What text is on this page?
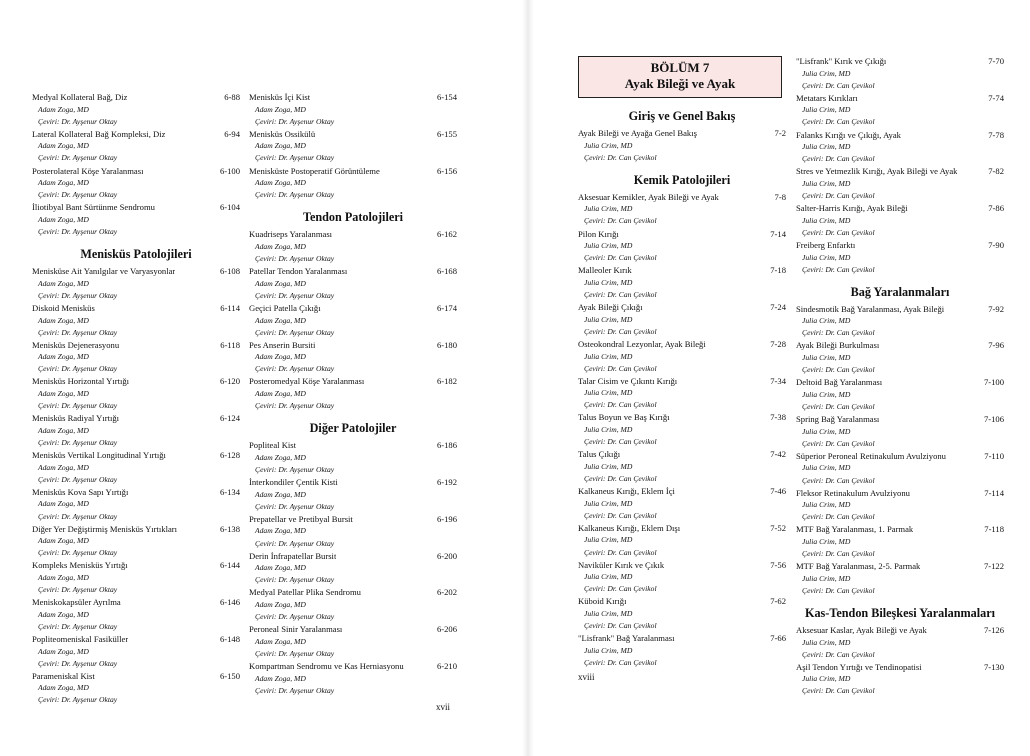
Medyal Kollateral Bağ, Diz	6-88
Adam Zoga, MD
Çeviri: Dr. Ayşenur Oktay
Lateral Kollateral Bağ Kompleksi, Diz	6-94
Adam Zoga, MD
Çeviri: Dr. Ayşenur Oktay
Posterolateral Köşe Yaralanması	6-100
Adam Zoga, MD
Çeviri: Dr. Ayşenur Oktay
İliotibyal Bant Sürtünme Sendromu	6-104
Adam Zoga, MD
Çeviri: Dr. Ayşenur Oktay
Menisküs Patolojileri
Menisküse Ait Yanılgılar ve Varyasyonlar	6-108
Adam Zoga, MD
Çeviri: Dr. Ayşenur Oktay
Diskoid Menisküs	6-114
Adam Zoga, MD
Çeviri: Dr. Ayşenur Oktay
Menisküs Dejenerasyonu	6-118
Adam Zoga, MD
Çeviri: Dr. Ayşenur Oktay
Menisküs Horizontal Yırtığı	6-120
Adam Zoga, MD
Çeviri: Dr. Ayşenur Oktay
Menisküs Radiyal Yırtığı	6-124
Adam Zoga, MD
Çeviri: Dr. Ayşenur Oktay
Menisküs Vertikal Longitudinal Yırtığı	6-128
Adam Zoga, MD
Çeviri: Dr. Ayşenur Oktay
Menisküs Kova Sapı Yırtığı	6-134
Adam Zoga, MD
Çeviri: Dr. Ayşenur Oktay
Diğer Yer Değiştirmiş Menisküs Yırtıkları	6-138
Adam Zoga, MD
Çeviri: Dr. Ayşenur Oktay
Kompleks Menisküs Yırtığı	6-144
Adam Zoga, MD
Çeviri: Dr. Ayşenur Oktay
Meniskokapsüler Ayrılma	6-146
Adam Zoga, MD
Çeviri: Dr. Ayşenur Oktay
Popliteomeniskal Fasiküller	6-148
Adam Zoga, MD
Çeviri: Dr. Ayşenur Oktay
Parameniskal Kist	6-150
Adam Zoga, MD
Çeviri: Dr. Ayşenur Oktay
Menisküs İçi Kist	6-154
Adam Zoga, MD
Çeviri: Dr. Ayşenur Oktay
Menisküs Ossikülü	6-155
Adam Zoga, MD
Çeviri: Dr. Ayşenur Oktay
Menisküste Postoperatif Görüntüleme	6-156
Adam Zoga, MD
Çeviri: Dr. Ayşenur Oktay
Tendon Patolojileri
Kuadriseps Yaralanması	6-162
Adam Zoga, MD
Çeviri: Dr. Ayşenur Oktay
Patellar Tendon Yaralanması	6-168
Adam Zoga, MD
Çeviri: Dr. Ayşenur Oktay
Geçici Patella Çıkığı	6-174
Adam Zoga, MD
Çeviri: Dr. Ayşenur Oktay
Pes Anserin Bursiti	6-180
Adam Zoga, MD
Çeviri: Dr. Ayşenur Oktay
Posteromedyal Köşe Yaralanması	6-182
Adam Zoga, MD
Çeviri: Dr. Ayşenur Oktay
Diğer Patolojiler
Popliteal Kist	6-186
Adam Zoga, MD
Çeviri: Dr. Ayşenur Oktay
İnterkondiler Çentik Kisti	6-192
Adam Zoga, MD
Çeviri: Dr. Ayşenur Oktay
Prepatellar ve Pretibyal Bursit	6-196
Adam Zoga, MD
Çeviri: Dr. Ayşenur Oktay
Derin İnfrapatellar Bursit	6-200
Adam Zoga, MD
Çeviri: Dr. Ayşenur Oktay
Medyal Patellar Plika Sendromu	6-202
Adam Zoga, MD
Çeviri: Dr. Ayşenur Oktay
Peroneal Sinir Yaralanması	6-206
Adam Zoga, MD
Çeviri: Dr. Ayşenur Oktay
Kompartman Sendromu ve Kas Herniasyonu	6-210
Adam Zoga, MD
Çeviri: Dr. Ayşenur Oktay
Giriş ve Genel Bakış
Ayak Bileği ve Ayağa Genel Bakış	7-2
Julia Crim, MD
Çeviri: Dr. Can Çevikol
Kemik Patolojileri
Aksesuar Kemikler, Ayak Bileği ve Ayak	7-8
Julia Crim, MD
Çeviri: Dr. Can Çevikol
Pilon Kırığı	7-14
Julia Crim, MD
Çeviri: Dr. Can Çevikol
Malleoler Kırık	7-18
Julia Crim, MD
Çeviri: Dr. Can Çevikol
Ayak Bileği Çıkığı	7-24
Julia Crim, MD
Çeviri: Dr. Can Çevikol
Osteokondral Lezyonlar, Ayak Bileği	7-28
Julia Crim, MD
Çeviri: Dr. Can Çevikol
Talar Cisim ve Çıkıntı Kırığı	7-34
Julia Crim, MD
Çeviri: Dr. Can Çevikol
Talus Boyun ve Baş Kırığı	7-38
Julia Crim, MD
Çeviri: Dr. Can Çevikol
Talus Çıkığı	7-42
Julia Crim, MD
Çeviri: Dr. Can Çevikol
Kalkaneus Kırığı, Eklem İçi	7-46
Julia Crim, MD
Çeviri: Dr. Can Çevikol
Kalkaneus Kırığı, Eklem Dışı	7-52
Julia Crim, MD
Çeviri: Dr. Can Çevikol
Naviküler Kırık ve Çıkık	7-56
Julia Crim, MD
Çeviri: Dr. Can Çevikol
Küboid Kırığı	7-62
Julia Crim, MD
Çeviri: Dr. Can Çevikol
"Lisfrank" Bağ Yaralanması	7-66
Julia Crim, MD
Çeviri: Dr. Can Çevikol
"Lisfrank" Kırık ve Çıkığı	7-70
Julia Crim, MD
Çeviri: Dr. Can Çevikol
Metatars Kırıkları	7-74
Julia Crim, MD
Çeviri: Dr. Can Çevikol
Falanks Kırığı ve Çıkığı, Ayak	7-78
Julia Crim, MD
Çeviri: Dr. Can Çevikol
Stres ve Yetmezlik Kırığı, Ayak Bileği ve Ayak	7-82
Julia Crim, MD
Çeviri: Dr. Can Çevikol
Salter-Harris Kırığı, Ayak Bileği	7-86
Julia Crim, MD
Çeviri: Dr. Can Çevikol
Freiberg Enfarktı	7-90
Julia Crim, MD
Çeviri: Dr. Can Çevikol
Bağ Yaralanmaları
Sindesmotik Bağ Yaralanması, Ayak Bileği	7-92
Julia Crim, MD
Çeviri: Dr. Can Çevikol
Ayak Bileği Burkulması	7-96
Julia Crim, MD
Çeviri: Dr. Can Çevikol
Deltoid Bağ Yaralanması	7-100
Julia Crim, MD
Çeviri: Dr. Can Çevikol
Spring Bağ Yaralanması	7-106
Julia Crim, MD
Çeviri: Dr. Can Çevikol
Süperior Peroneal Retinakulum Avulziyonu	7-110
Julia Crim, MD
Çeviri: Dr. Can Çevikol
Fleksor Retinakulum Avulziyonu	7-114
Julia Crim, MD
Çeviri: Dr. Can Çevikol
MTF Bağ Yaralanması, 1. Parmak	7-118
Julia Crim, MD
Çeviri: Dr. Can Çevikol
MTF Bağ Yaralanması, 2-5. Parmak	7-122
Julia Crim, MD
Çeviri: Dr. Can Çevikol
Kas-Tendon Bileşkesi Yaralanmaları
Aksesuar Kaslar, Ayak Bileği ve Ayak	7-126
Julia Crim, MD
Çeviri: Dr. Can Çevikol
Aşil Tendon Yırtığı ve Tendinopatisi	7-130
Julia Crim, MD
Çeviri: Dr. Can Çevikol
BÖLÜM 7
Ayak Bileği ve Ayak
xvii
xviii
